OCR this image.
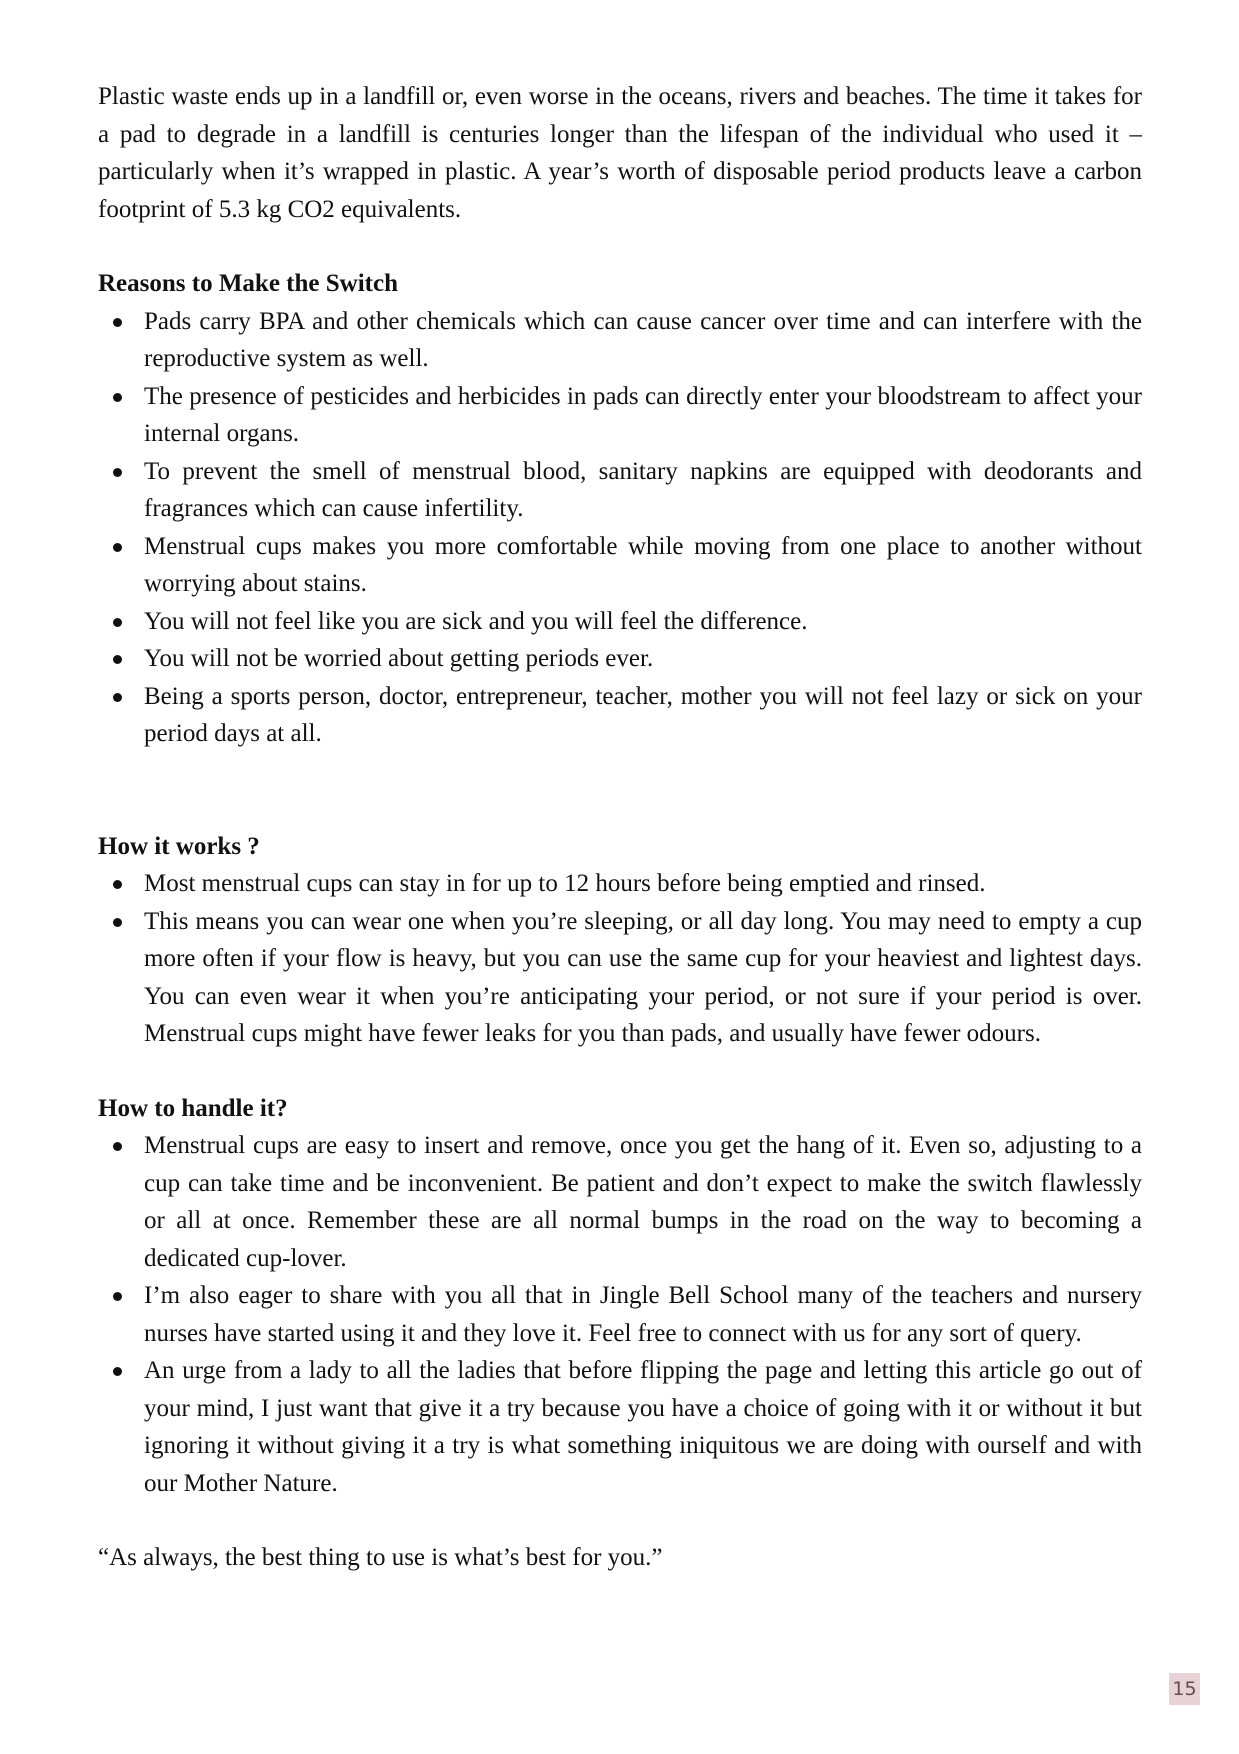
Plastic waste ends up in a landfill or, even worse in the oceans, rivers and beaches. The time it takes for a pad to degrade in a landfill is centuries longer than the lifespan of the individual who used it – particularly when it’s wrapped in plastic. A year’s worth of disposable period products leave a carbon footprint of 5.3 kg CO2 equivalents.

Reasons to Make the Switch
Pads carry BPA and other chemicals which can cause cancer over time and can interfere with the reproductive system as well.
The presence of pesticides and herbicides in pads can directly enter your bloodstream to affect your internal organs.
To prevent the smell of menstrual blood, sanitary napkins are equipped with deodorants and fragrances which can cause infertility.
Menstrual cups makes you more comfortable while moving from one place to another without worrying about stains.
You will not feel like you are sick and you will feel the difference.
You will not be worried about getting periods ever.
Being a sports person, doctor, entrepreneur, teacher, mother you will not feel lazy or sick on your period days at all.
How it works ?
Most menstrual cups can stay in for up to 12 hours before being emptied and rinsed.
This means you can wear one when you’re sleeping, or all day long. You may need to empty a cup more often if your flow is heavy, but you can use the same cup for your heaviest and lightest days. You can even wear it when you’re anticipating your period, or not sure if your period is over. Menstrual cups might have fewer leaks for you than pads, and usually have fewer odours.
How to handle it?
Menstrual cups are easy to insert and remove, once you get the hang of it. Even so, adjusting to a cup can take time and be inconvenient. Be patient and don’t expect to make the switch flawlessly or all at once. Remember these are all normal bumps in the road on the way to becoming a dedicated cup-lover.
I’m also eager to share with you all that in Jingle Bell School many of the teachers and nursery nurses have started using it and they love it. Feel free to connect with us for any sort of query.
An urge from a lady to all the ladies that before flipping the page and letting this article go out of your mind, I just want that give it a try because you have a choice of going with it or without it but ignoring it without giving it a try is what something iniquitous we are doing with ourself and with our Mother Nature.

“As always, the best thing to use is what’s best for you.”

15
